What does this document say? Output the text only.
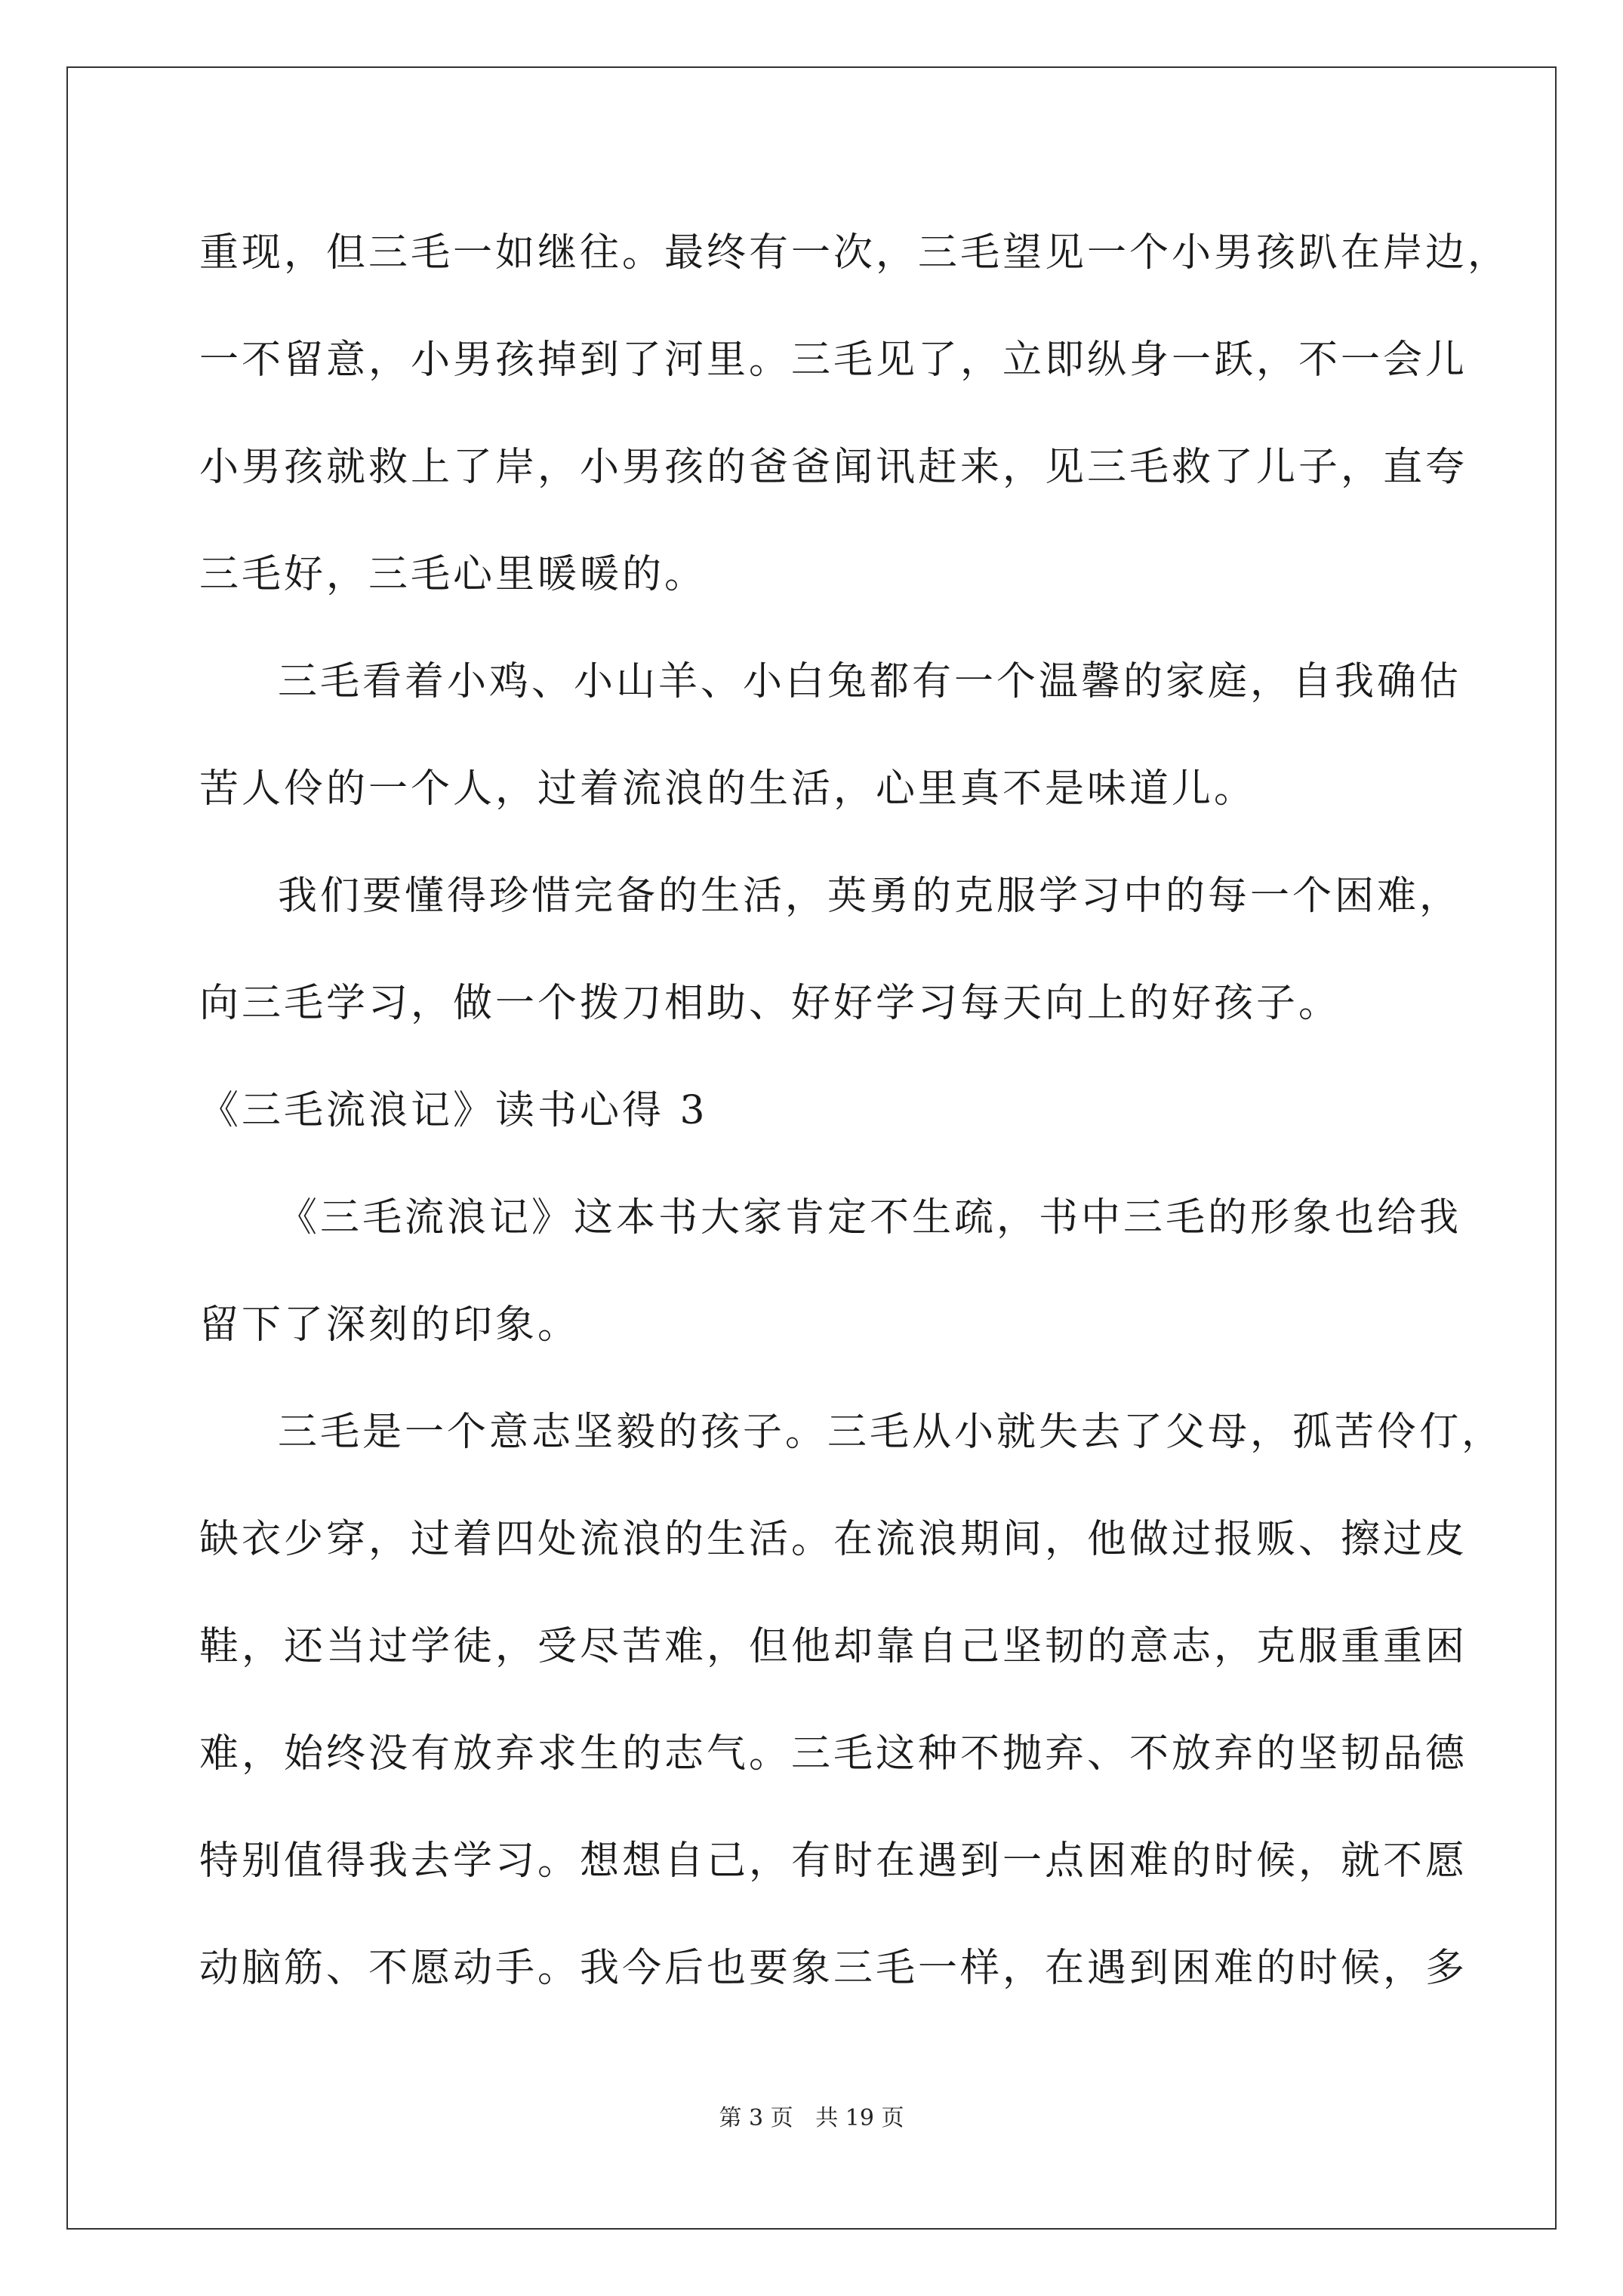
重现，但三毛一如继往。最终有一次，三毛望见一个小男孩趴在岸边，
一不留意，小男孩掉到了河里。三毛见了，立即纵身一跃，不一会儿
小男孩就救上了岸，小男孩的爸爸闻讯赶来，见三毛救了儿子，直夸
三毛好，三毛心里暖暖的。
三毛看着小鸡、小山羊、小白兔都有一个温馨的家庭，自我确估
苦人伶的一个人，过着流浪的生活，心里真不是味道儿。
我们要懂得珍惜完备的生活，英勇的克服学习中的每一个困难，
向三毛学习，做一个拨刀相助、好好学习每天向上的好孩子。
《三毛流浪记》读书心得 3
《三毛流浪记》这本书大家肯定不生疏，书中三毛的形象也给我
留下了深刻的印象。
三毛是一个意志坚毅的孩子。三毛从小就失去了父母，孤苦伶仃，
缺衣少穿，过着四处流浪的生活。在流浪期间，他做过报贩、擦过皮
鞋，还当过学徒，受尽苦难，但他却靠自己坚韧的意志，克服重重困
难，始终没有放弃求生的志气。三毛这种不抛弃、不放弃的坚韧品德
特别值得我去学习。想想自己，有时在遇到一点困难的时候，就不愿
动脑筋、不愿动手。我今后也要象三毛一样，在遇到困难的时候，多
第 3 页 共 19 页
